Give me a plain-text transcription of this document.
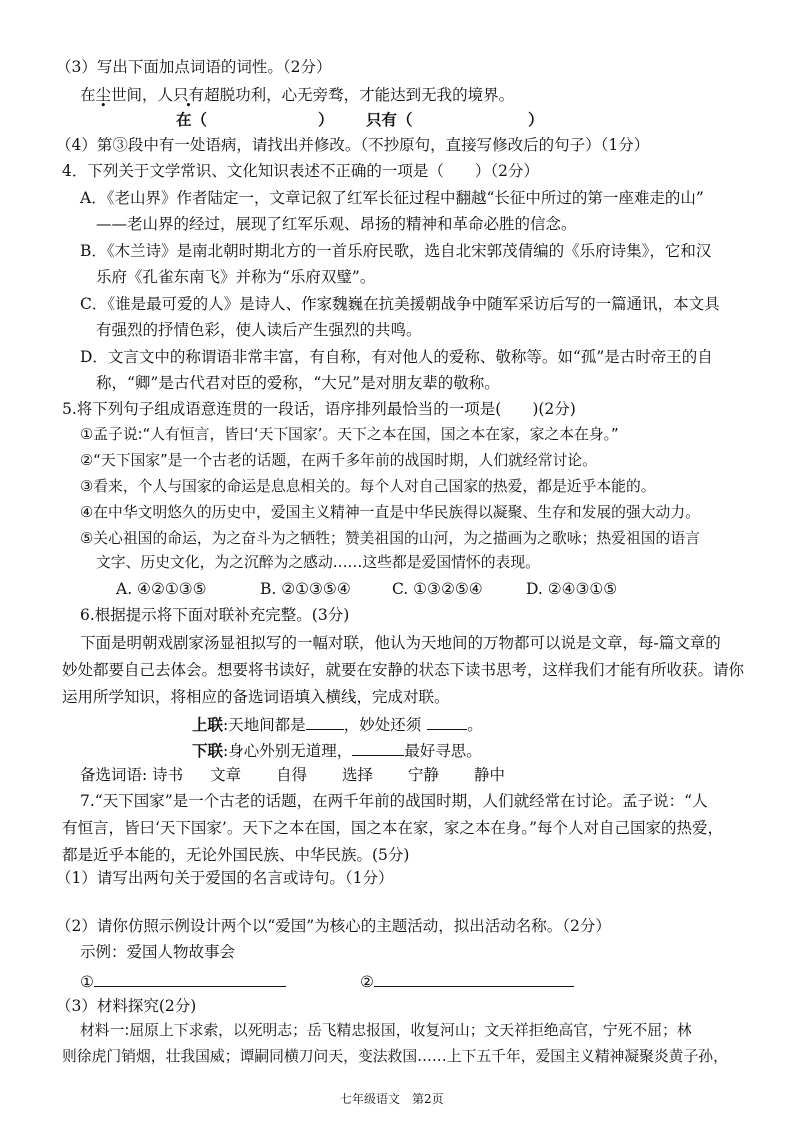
（3）写出下面加点词语的词性。（2分）
在尘世间，人只有超脱功利，心无旁骛，才能达到无我的境界。
在（	） 只有（	）
（4）第③段中有一处语病，请找出并修改。（不抄原句，直接写修改后的句子）（1分）
4．下列关于文学常识、文化知识表述不正确的一项是（　　）（2分）
A．《老山界》作者陆定一，文章记叙了红军长征过程中翻越“长征中所过的第一座难走的山”
——老山界的经过，展现了红军乐观、昂扬的精神和革命必胜的信念。
B．《木兰诗》是南北朝时期北方的一首乐府民歌，选自北宋郭茂倩编的《乐府诗集》，它和汉
乐府《孔雀东南飞》并称为“乐府双璧”。
C．《谁是最可爱的人》是诗人、作家魏巍在抗美援朝战争中随军采访后写的一篇通讯，本文具
有强烈的抒情色彩，使人读后产生强烈的共鸣。
D．文言文中的称谓语非常丰富，有自称，有对他人的爱称、敬称等。如“孤”是古时帝王的自
称，“卿”是古代君对臣的爱称，“大兄”是对朋友辈的敬称。
5.将下列句子组成语意连贯的一段话，语序排列最恰当的一项是(　　)(2分)
①孟子说:“人有恒言，皆曰‘天下国家’。天下之本在国，国之本在家，家之本在身。”
②“天下国家”是一个古老的话题，在两千多年前的战国时期，人们就经常讨论。
③看来，个人与国家的命运是息息相关的。每个人对自己国家的热爱，都是近乎本能的。
④在中华文明悠久的历史中，爱国主义精神一直是中华民族得以凝聚、生存和发展的强大动力。
⑤关心祖国的命运，为之奋斗为之牺牲；赞美祖国的山河，为之描画为之歌咏；热爱祖国的语言
文字、历史文化，为之沉醉为之感动……这些都是爱国情怀的表现。
A. ④②①③⑤	B. ②①③⑤④	C. ①③②⑤④	D. ②④③①⑤
6.根据提示将下面对联补充完整。(3分)
下面是明朝戏剧家汤显祖拟写的一幅对联，他认为天地间的万物都可以说是文章，每-篇文章的
妙处都要自己去体会。想要将书读好，就要在安静的状态下读书思考，这样我们才能有所收获。请你
运用所学知识，将相应的备选词语填入横线，完成对联。
上联:天地间都是 ，妙处还须	。
下联:身心外别无道理，	最好寻思。
备选词语: 诗书 文章 自得 选择 宁静 静中
7.“天下国家”是一个古老的话题，在两千年前的战国时期，人们就经常在讨论。孟子说：“人
有恒言，皆曰‘天下国家’。天下之本在国，国之本在家，家之本在身。”每个人对自己国家的热爱，
都是近乎本能的，无论外国民族、中华民族。(5分)
（1）请写出两句关于爱国的名言或诗句。（1分）
（2）请你仿照示例设计两个以“爱国”为核心的主题活动，拟出活动名称。（2分）
示例：爱国人物故事会
①	②
（3）材料探究(2分)
材料一:屈原上下求索，以死明志；岳飞精忠报国，收复河山；文天祥拒绝高官，宁死不屈；林
则徐虎门销烟，壮我国威；谭嗣同横刀问天，变法救国……上下五千年，爱国主义精神凝聚炎黄子孙，
七年级语文　第2页
